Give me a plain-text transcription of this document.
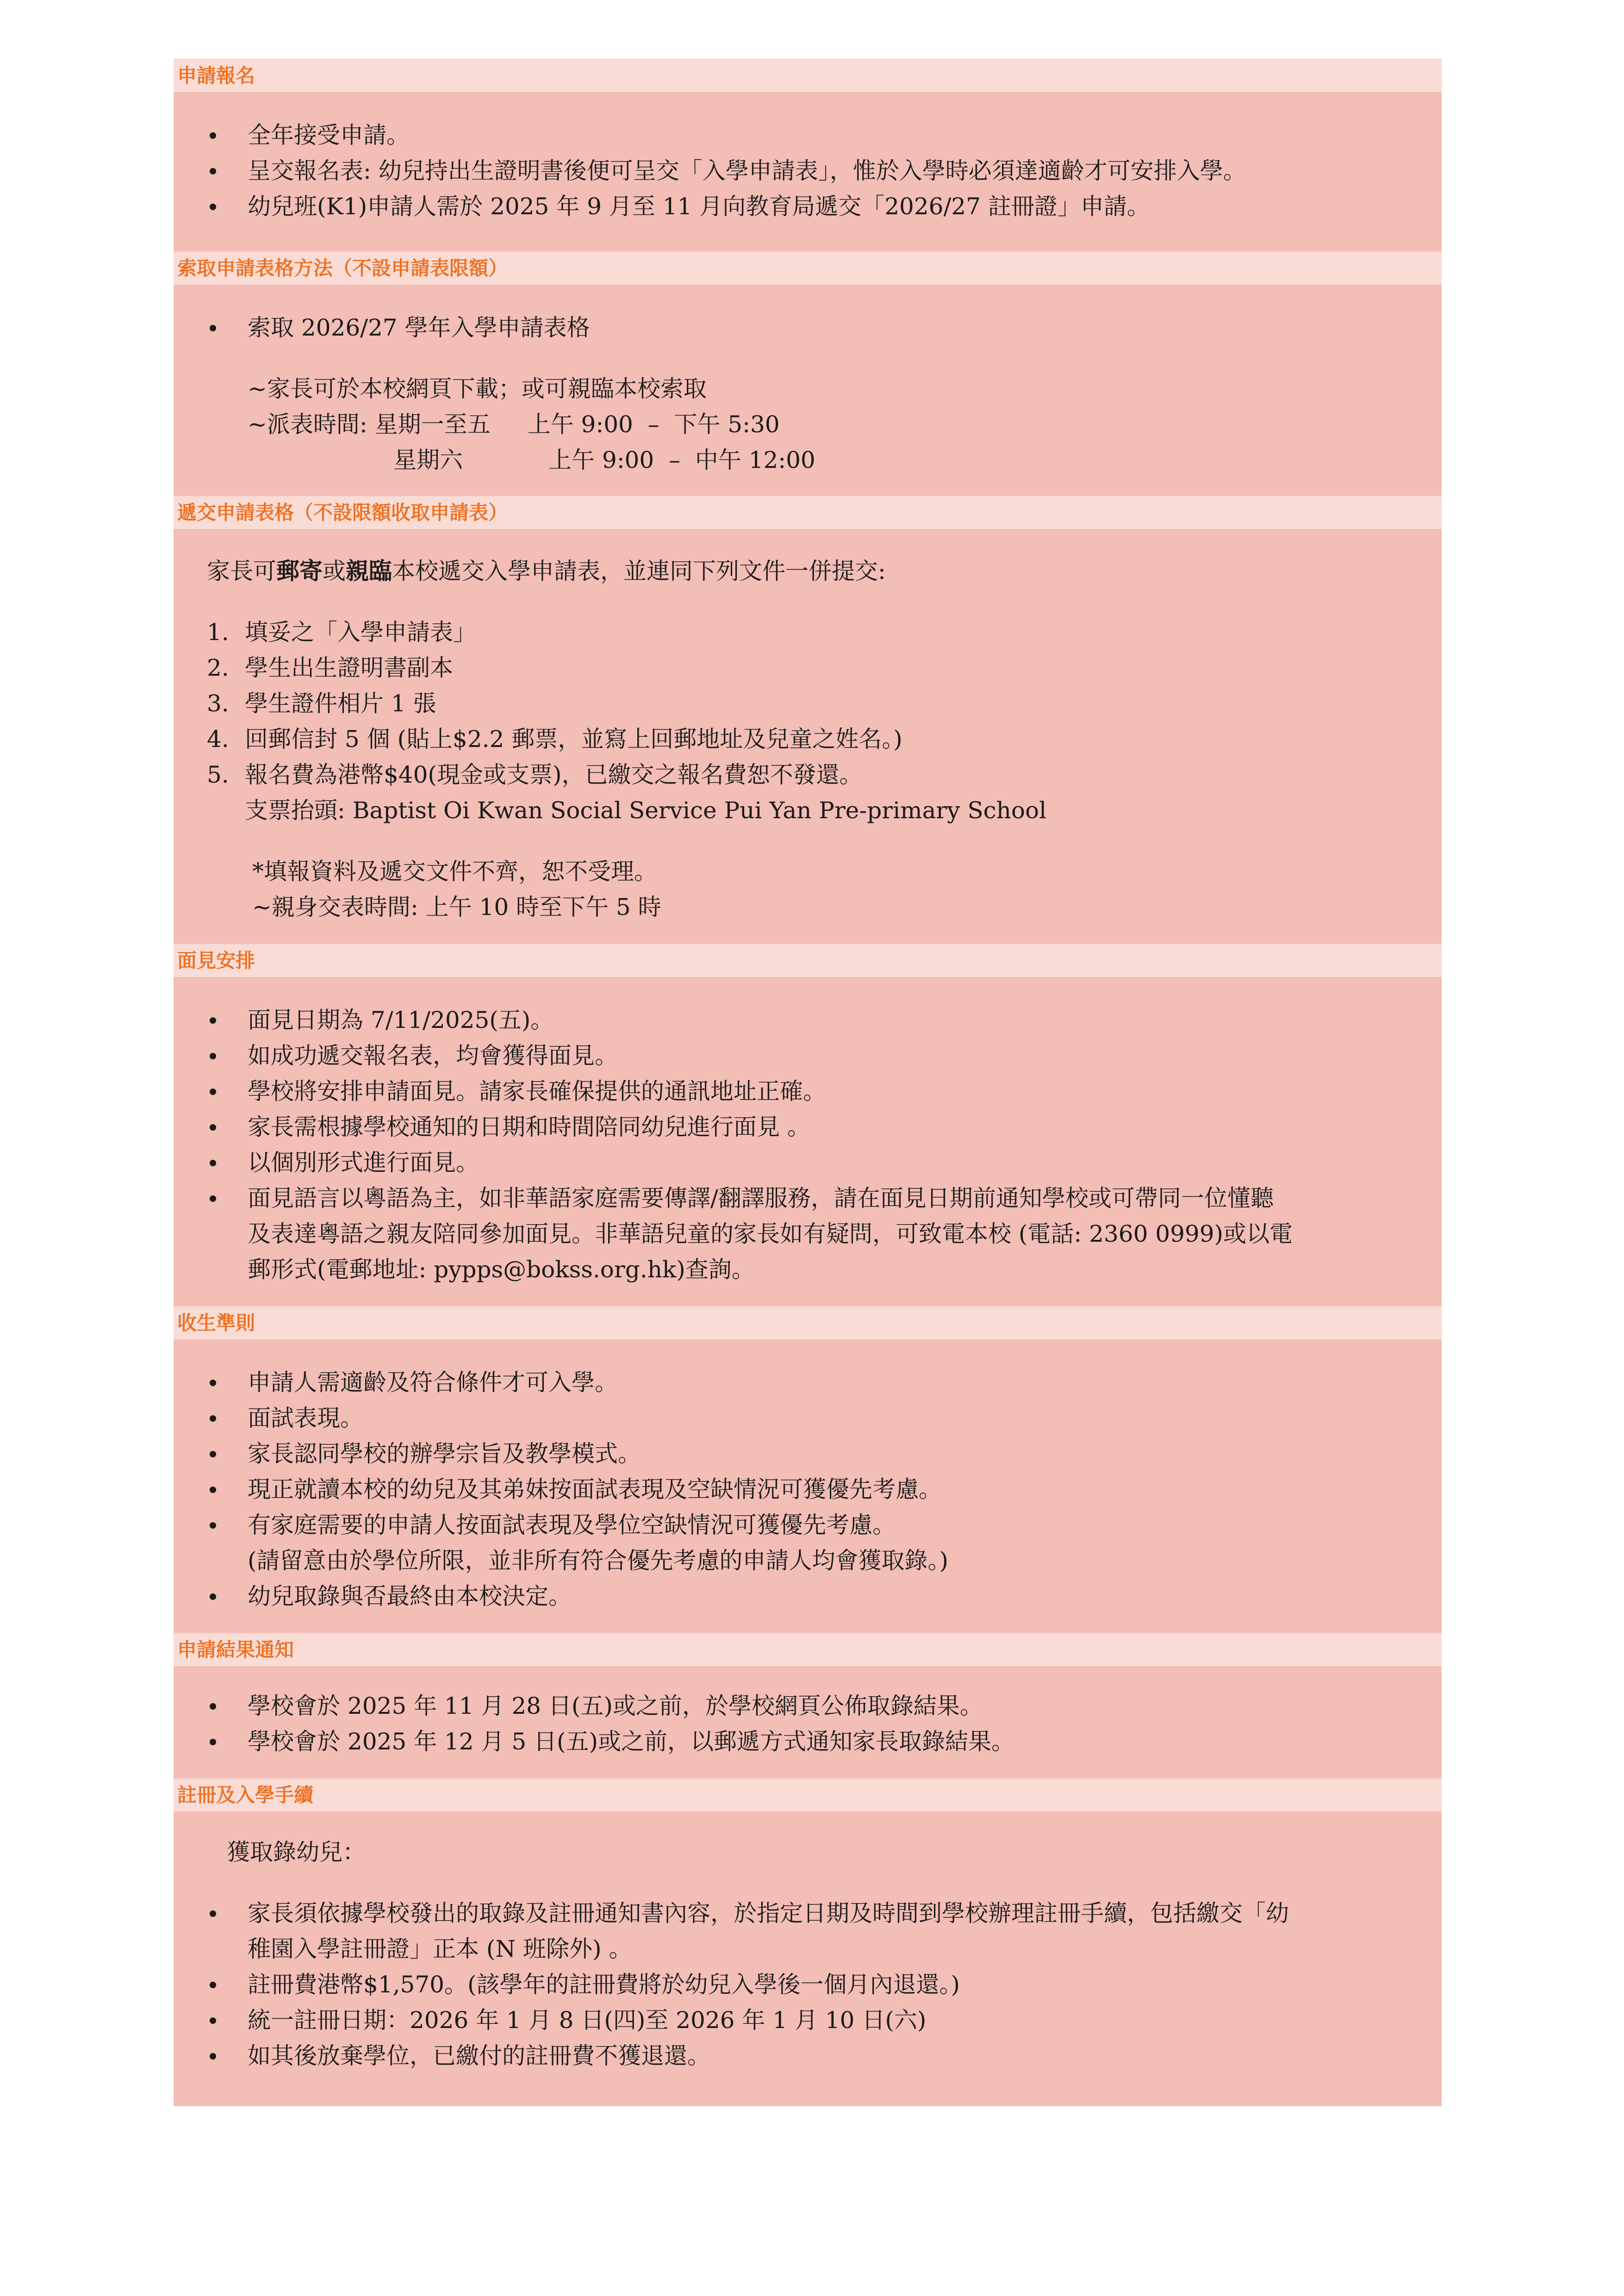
申請報名
全年接受申請。
呈交報名表: 幼兒持出生證明書後便可呈交「入學申請表」，惟於入學時必須達適齡才可安排入學。
幼兒班(K1)申請人需於 2025 年 9 月至 11 月向教育局遞交「2026/27 註冊證」申請。
索取申請表格方法（不設申請表限額）
索取 2026/27 學年入學申請表格
~家長可於本校網頁下載；或可親臨本校索取
~派表時間: 星期一至五 上午 9:00  –  下午 5:30
星期六	上午 9:00  –  中午 12:00
遞交申請表格（不設限額收取申請表）
家長可郵寄或親臨本校遞交入學申請表，並連同下列文件一併提交:
1. 填妥之「入學申請表」
2. 學生出生證明書副本
3. 學生證件相片 1 張
4. 回郵信封 5 個 (貼上$2.2 郵票，並寫上回郵地址及兒童之姓名。)
5. 報名費為港幣$40(現金或支票)，已繳交之報名費恕不發還。
支票抬頭: Baptist Oi Kwan Social Service Pui Yan Pre-primary School
*填報資料及遞交文件不齊，恕不受理。
~親身交表時間: 上午 10 時至下午 5 時
面見安排
面見日期為 7/11/2025(五)。
如成功遞交報名表，均會獲得面見。
學校將安排申請面見。請家長確保提供的通訊地址正確。
家長需根據學校通知的日期和時間陪同幼兒進行面見 。
以個別形式進行面見。
面見語言以粵語為主，如非華語家庭需要傳譯/翻譯服務，請在面見日期前通知學校或可帶同一位懂聽
及表達粵語之親友陪同參加面見。非華語兒童的家長如有疑問，可致電本校 (電話: 2360 0999)或以電
郵形式(電郵地址: pypps@bokss.org.hk)查詢。
收生準則
申請人需適齡及符合條件才可入學。
面試表現。
家長認同學校的辦學宗旨及教學模式。
現正就讀本校的幼兒及其弟妹按面試表現及空缺情況可獲優先考慮。
有家庭需要的申請人按面試表現及學位空缺情況可獲優先考慮。
(請留意由於學位所限，並非所有符合優先考慮的申請人均會獲取錄。)
幼兒取錄與否最終由本校決定。
申請結果通知
學校會於 2025 年 11 月 28 日(五)或之前，於學校網頁公佈取錄結果。
學校會於 2025 年 12 月 5 日(五)或之前，以郵遞方式通知家長取錄結果。
註冊及入學手續
獲取錄幼兒：
家長須依據學校發出的取錄及註冊通知書內容，於指定日期及時間到學校辦理註冊手續，包括繳交「幼
稚園入學註冊證」正本 (N 班除外) 。
註冊費港幣$1,570。(該學年的註冊費將於幼兒入學後一個月內退還。)
統一註冊日期：2026 年 1 月 8 日(四)至 2026 年 1 月 10 日(六)
如其後放棄學位，已繳付的註冊費不獲退還。
